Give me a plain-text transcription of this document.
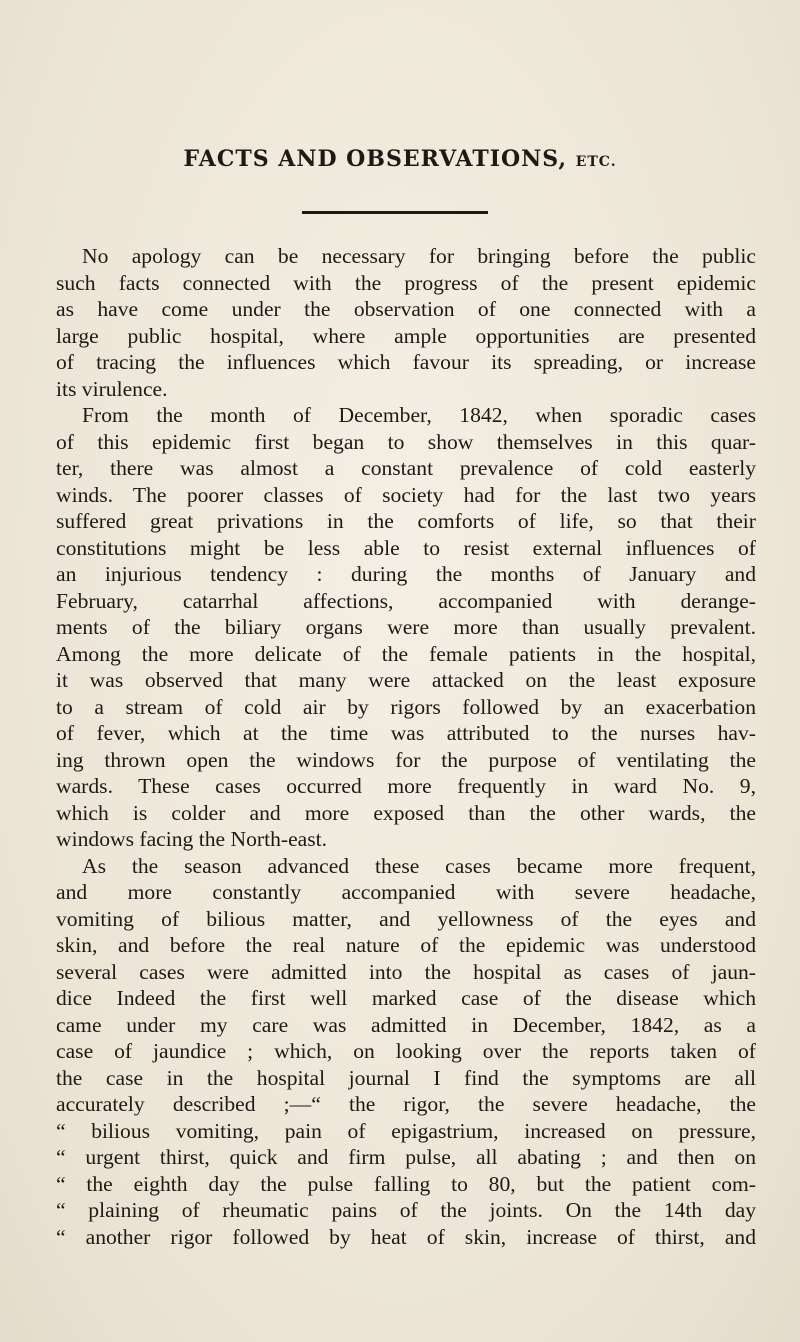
FACTS AND OBSERVATIONS, ETC.
No apology can be necessary for bringing before the public
such facts connected with the progress of the present epidemic
as have come under the observation of one connected with a
large public hospital, where ample opportunities are presented
of tracing the influences which favour its spreading, or increase
its virulence.
From the month of December, 1842, when sporadic cases
of this epidemic first began to show themselves in this quar-
ter, there was almost a constant prevalence of cold easterly
winds. The poorer classes of society had for the last two years
suffered great privations in the comforts of life, so that their
constitutions might be less able to resist external influences of
an injurious tendency : during the months of January and
February, catarrhal affections, accompanied with derange-
ments of the biliary organs were more than usually prevalent.
Among the more delicate of the female patients in the hospital,
it was observed that many were attacked on the least exposure
to a stream of cold air by rigors followed by an exacerbation
of fever, which at the time was attributed to the nurses hav-
ing thrown open the windows for the purpose of ventilating the
wards. These cases occurred more frequently in ward No. 9,
which is colder and more exposed than the other wards, the
windows facing the North-east.
As the season advanced these cases became more frequent,
and more constantly accompanied with severe headache,
vomiting of bilious matter, and yellowness of the eyes and
skin, and before the real nature of the epidemic was understood
several cases were admitted into the hospital as cases of jaun-
dice Indeed the first well marked case of the disease which
came under my care was admitted in December, 1842, as a
case of jaundice ; which, on looking over the reports taken of
the case in the hospital journal I find the symptoms are all
accurately described ;—“ the rigor, the severe headache, the
“ bilious vomiting, pain of epigastrium, increased on pressure,
“ urgent thirst, quick and firm pulse, all abating ; and then on
“ the eighth day the pulse falling to 80, but the patient com-
“ plaining of rheumatic pains of the joints. On the 14th day
“ another rigor followed by heat of skin, increase of thirst, and
